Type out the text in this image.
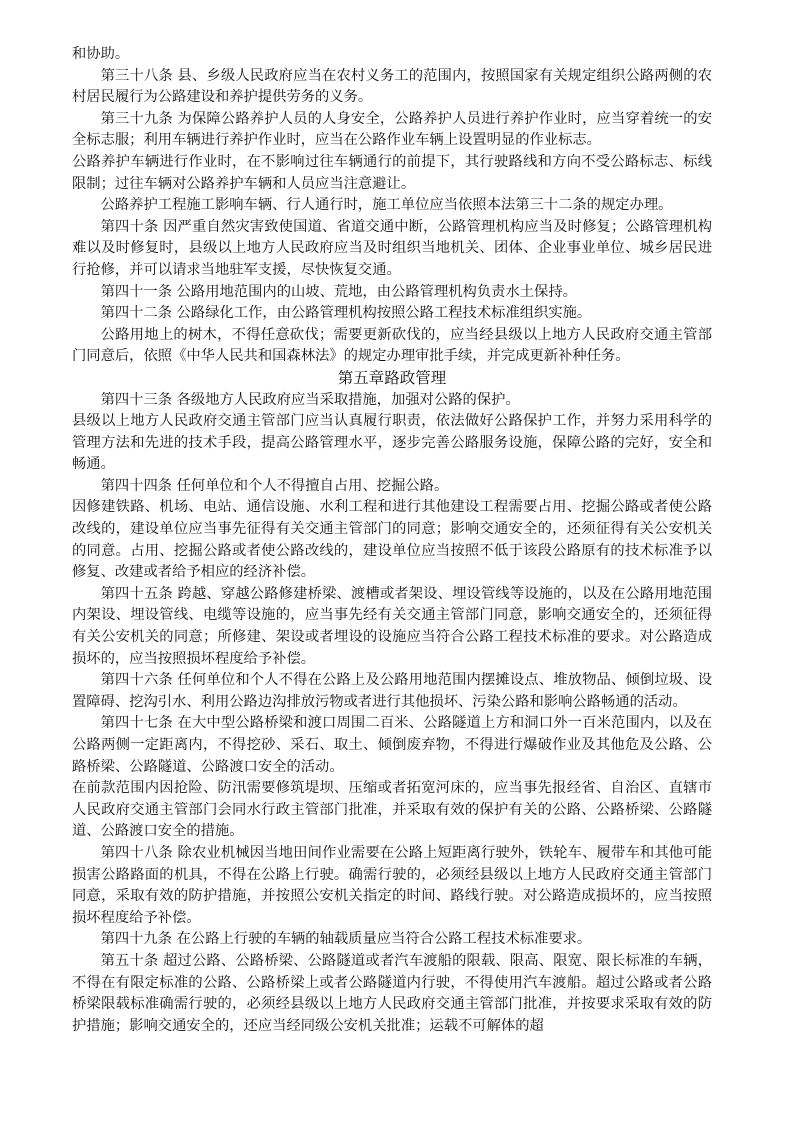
和协助。

第三十八条 县、乡级人民政府应当在农村义务工的范围内，按照国家有关规定组织公路两侧的农村居民履行为公路建设和养护提供劳务的义务。

第三十九条 为保障公路养护人员的人身安全，公路养护人员进行养护作业时，应当穿着统一的安全标志服；利用车辆进行养护作业时，应当在公路作业车辆上设置明显的作业标志。

公路养护车辆进行作业时，在不影响过往车辆通行的前提下，其行驶路线和方向不受公路标志、标线限制；过往车辆对公路养护车辆和人员应当注意避让。

公路养护工程施工影响车辆、行人通行时，施工单位应当依照本法第三十二条的规定办理。

第四十条 因严重自然灾害致使国道、省道交通中断，公路管理机构应当及时修复；公路管理机构难以及时修复时，县级以上地方人民政府应当及时组织当地机关、团体、企业事业单位、城乡居民进行抢修，并可以请求当地驻军支援，尽快恢复交通。

第四十一条 公路用地范围内的山坡、荒地，由公路管理机构负责水土保持。

第四十二条 公路绿化工作，由公路管理机构按照公路工程技术标准组织实施。

公路用地上的树木，不得任意砍伐；需要更新砍伐的，应当经县级以上地方人民政府交通主管部门同意后，依照《中华人民共和国森林法》的规定办理审批手续，并完成更新补种任务。

第五章路政管理

第四十三条 各级地方人民政府应当采取措施，加强对公路的保护。

县级以上地方人民政府交通主管部门应当认真履行职责，依法做好公路保护工作，并努力采用科学的管理方法和先进的技术手段，提高公路管理水平，逐步完善公路服务设施，保障公路的完好，安全和畅通。

第四十四条 任何单位和个人不得擅自占用、挖掘公路。

因修建铁路、机场、电站、通信设施、水利工程和进行其他建设工程需要占用、挖掘公路或者使公路改线的，建设单位应当事先征得有关交通主管部门的同意；影响交通安全的，还须征得有关公安机关的同意。占用、挖掘公路或者使公路改线的，建设单位应当按照不低于该段公路原有的技术标准予以修复、改建或者给予相应的经济补偿。

第四十五条 跨越、穿越公路修建桥梁、渡槽或者架设、埋设管线等设施的，以及在公路用地范围内架设、埋设管线、电缆等设施的，应当事先经有关交通主管部门同意，影响交通安全的，还须征得有关公安机关的同意；所修建、架设或者埋设的设施应当符合公路工程技术标准的要求。对公路造成损坏的，应当按照损坏程度给予补偿。

第四十六条 任何单位和个人不得在公路上及公路用地范围内摆摊设点、堆放物品、倾倒垃圾、设置障碍、挖沟引水、利用公路边沟排放污物或者进行其他损坏、污染公路和影响公路畅通的活动。

第四十七条 在大中型公路桥梁和渡口周围二百米、公路隧道上方和洞口外一百米范围内，以及在公路两侧一定距离内，不得挖砂、采石、取土、倾倒废弃物，不得进行爆破作业及其他危及公路、公路桥梁、公路隧道、公路渡口安全的活动。

在前款范围内因抢险、防汛需要修筑堤坝、压缩或者拓宽河床的，应当事先报经省、自治区、直辖市人民政府交通主管部门会同水行政主管部门批准，并采取有效的保护有关的公路、公路桥梁、公路隧道、公路渡口安全的措施。

第四十八条 除农业机械因当地田间作业需要在公路上短距离行驶外，铁轮车、履带车和其他可能损害公路路面的机具，不得在公路上行驶。确需行驶的，必须经县级以上地方人民政府交通主管部门同意，采取有效的防护措施，并按照公安机关指定的时间、路线行驶。对公路造成损坏的，应当按照损坏程度给予补偿。

第四十九条 在公路上行驶的车辆的轴载质量应当符合公路工程技术标准要求。

第五十条 超过公路、公路桥梁、公路隧道或者汽车渡船的限载、限高、限宽、限长标准的车辆，不得在有限定标准的公路、公路桥梁上或者公路隧道内行驶，不得使用汽车渡船。超过公路或者公路桥梁限载标准确需行驶的，必须经县级以上地方人民政府交通主管部门批准，并按要求采取有效的防护措施；影响交通安全的，还应当经同级公安机关批准；运载不可解体的超
